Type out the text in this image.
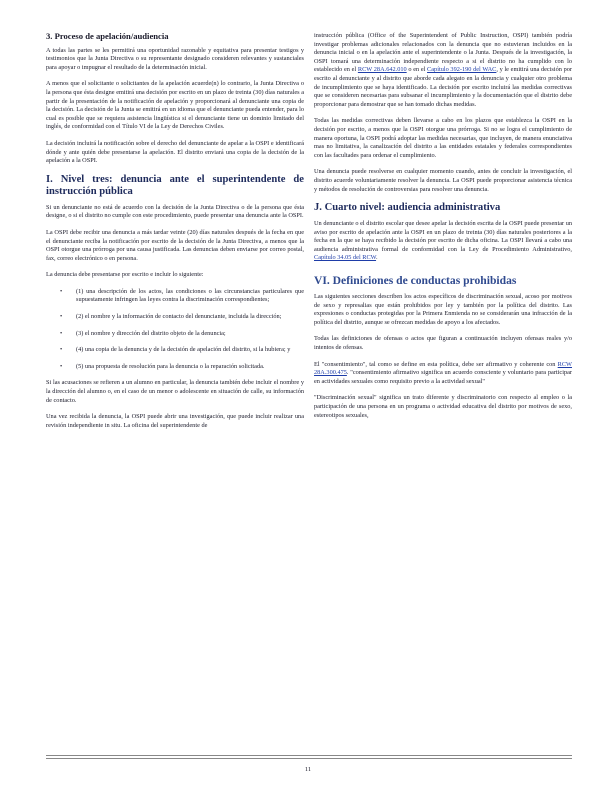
3. Proceso de apelación/audiencia

A todas las partes se les permitirá una oportunidad razonable y equitativa para presentar testigos y testimonios que la Junta Directiva o su representante designado consideren relevantes y sustanciales para apoyar o impugnar el resultado de la determinación inicial.

A menos que el solicitante o solicitantes de la apelación acuerde(n) lo contrario, la Junta Directiva o la persona que ésta designe emitirá una decisión por escrito en un plazo de treinta (30) días naturales a partir de la presentación de la notificación de apelación y proporcionará al denunciante una copia de la decisión. La decisión de la Junta se emitirá en un idioma que el denunciante pueda entender, para lo cual es posible que se requiera asistencia lingüística si el denunciante tiene un dominio limitado del inglés, de conformidad con el Título VI de la Ley de Derechos Civiles.

La decisión incluirá la notificación sobre el derecho del denunciante de apelar a la OSPI e identificará dónde y ante quién debe presentarse la apelación. El distrito enviará una copia de la decisión de la apelación a la OSPI.

I. Nivel tres: denuncia ante el superintendente de instrucción pública

Si un denunciante no está de acuerdo con la decisión de la Junta Directiva o de la persona que ésta designe, o si el distrito no cumple con este procedimiento, puede presentar una denuncia ante la OSPI.

La OSPI debe recibir una denuncia a más tardar veinte (20) días naturales después de la fecha en que el denunciante reciba la notificación por escrito de la decisión de la Junta Directiva, a menos que la OSPI otorgue una prórroga por una causa justificada. Las denuncias deben enviarse por correo postal, fax, correo electrónico o en persona.

La denuncia debe presentarse por escrito e incluir lo siguiente:

•	(1) una descripción de los actos, las condiciones o las circunstancias particulares que supuestamente infringen las leyes contra la discriminación correspondientes;
•	(2) el nombre y la información de contacto del denunciante, incluida la dirección;
•	(3) el nombre y dirección del distrito objeto de la denuncia;
•	(4) una copia de la denuncia y de la decisión de apelación del distrito, si la hubiera; y
•	(5) una propuesta de resolución para la denuncia o la reparación solicitada.

Si las acusaciones se refieren a un alumno en particular, la denuncia también debe incluir el nombre y la dirección del alumno o, en el caso de un menor o adolescente en situación de calle, su información de contacto.

Una vez recibida la denuncia, la OSPI puede abrir una investigación, que puede incluir realizar una revisión independiente in situ. La oficina del superintendente de

instrucción pública (Office of the Superintendent of Public Instruction, OSPI) también podría investigar problemas adicionales relacionados con la denuncia que no estuvieran incluidos en la denuncia inicial o en la apelación ante el superintendente o la Junta. Después de la investigación, la OSPI tomará una determinación independiente respecto a si el distrito no ha cumplido con lo establecido en el RCW 28A.642.010 o en el Capítulo 392-190 del WAC, y le emitirá una decisión por escrito al denunciante y al distrito que aborde cada alegato en la denuncia y cualquier otro problema de incumplimiento que se haya identificado. La decisión por escrito incluirá las medidas correctivas que se consideren necesarias para subsanar el incumplimiento y la documentación que el distrito debe proporcionar para demostrar que se han tomado dichas medidas.

Todas las medidas correctivas deben llevarse a cabo en los plazos que establezca la OSPI en la decisión por escrito, a menos que la OSPI otorgue una prórroga. Si no se logra el cumplimiento de manera oportuna, la OSPI podrá adoptar las medidas necesarias, que incluyen, de manera enunciativa mas no limitativa, la canalización del distrito a las entidades estatales y federales correspondientes con las facultades para ordenar el cumplimiento.

Una denuncia puede resolverse en cualquier momento cuando, antes de concluir la investigación, el distrito acuerde voluntariamente resolver la denuncia. La OSPI puede proporcionar asistencia técnica y métodos de resolución de controversias para resolver una denuncia.

J. Cuarto nivel: audiencia administrativa

Un denunciante o el distrito escolar que desee apelar la decisión escrita de la OSPI puede presentar un aviso por escrito de apelación ante la OSPI en un plazo de treinta (30) días naturales posteriores a la fecha en la que se haya recibido la decisión por escrito de dicha oficina. La OSPI llevará a cabo una audiencia administrativa formal de conformidad con la Ley de Procedimiento Administrativo, Capítulo 34.05 del RCW.

VI. Definiciones de conductas prohibidas

Las siguientes secciones describen los actos específicos de discriminación sexual, acoso por motivos de sexo y represalias que están prohibidos por ley y también por la política del distrito. Las expresiones o conductas protegidas por la Primera Enmienda no se considerarán una infracción de la política del distrito, aunque se ofrezcan medidas de apoyo a los afectados.

Todas las definiciones de ofensas o actos que figuran a continuación incluyen ofensas reales y/o intentos de ofensas.

El "consentimiento", tal como se define en esta política, debe ser afirmativo y coherente con RCW 28A.300.475. "consentimiento afirmativo significa un acuerdo consciente y voluntario para participar en actividades sexuales como requisito previo a la actividad sexual"

"Discriminación sexual" significa un trato diferente y discriminatorio con respecto al empleo o la participación de una persona en un programa o actividad educativa del distrito por motivos de sexo, estereotipos sexuales,

11
